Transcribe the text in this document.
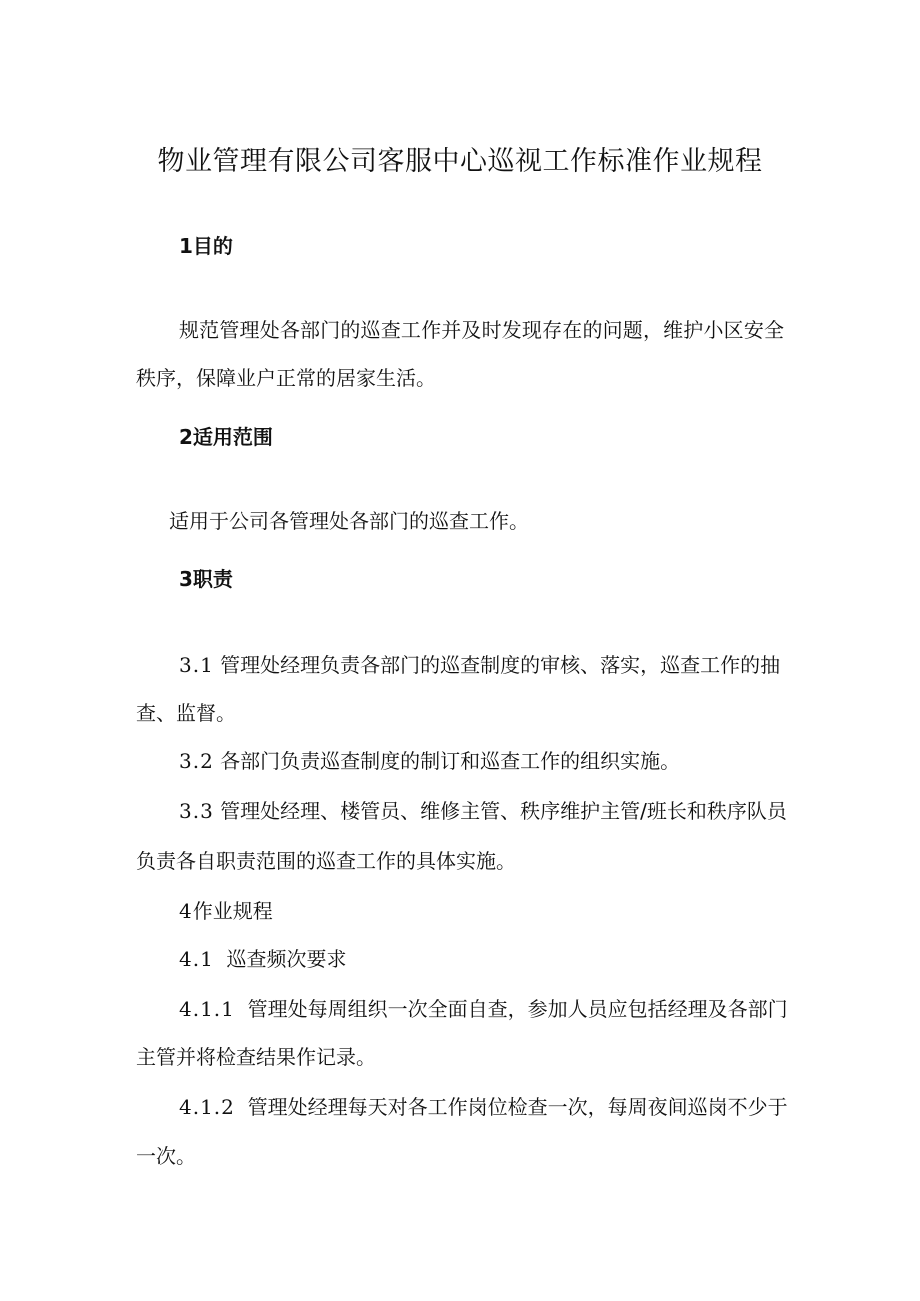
物业管理有限公司客服中心巡视工作标准作业规程
1目的
规范管理处各部门的巡查工作并及时发现存在的问题，维护小区安全
秩序，保障业户正常的居家生活。
2适用范围
适用于公司各管理处各部门的巡查工作。
3职责
3.1 管理处经理负责各部门的巡查制度的审核、落实，巡查工作的抽
查、监督。
3.2 各部门负责巡查制度的制订和巡查工作的组织实施。
3.3 管理处经理、楼管员、维修主管、秩序维护主管/班长和秩序队员
负责各自职责范围的巡查工作的具体实施。
4作业规程
4.1 巡查频次要求
4.1.1 管理处每周组织一次全面自查，参加人员应包括经理及各部门
主管并将检查结果作记录。
4.1.2 管理处经理每天对各工作岗位检查一次，每周夜间巡岗不少于
一次。
